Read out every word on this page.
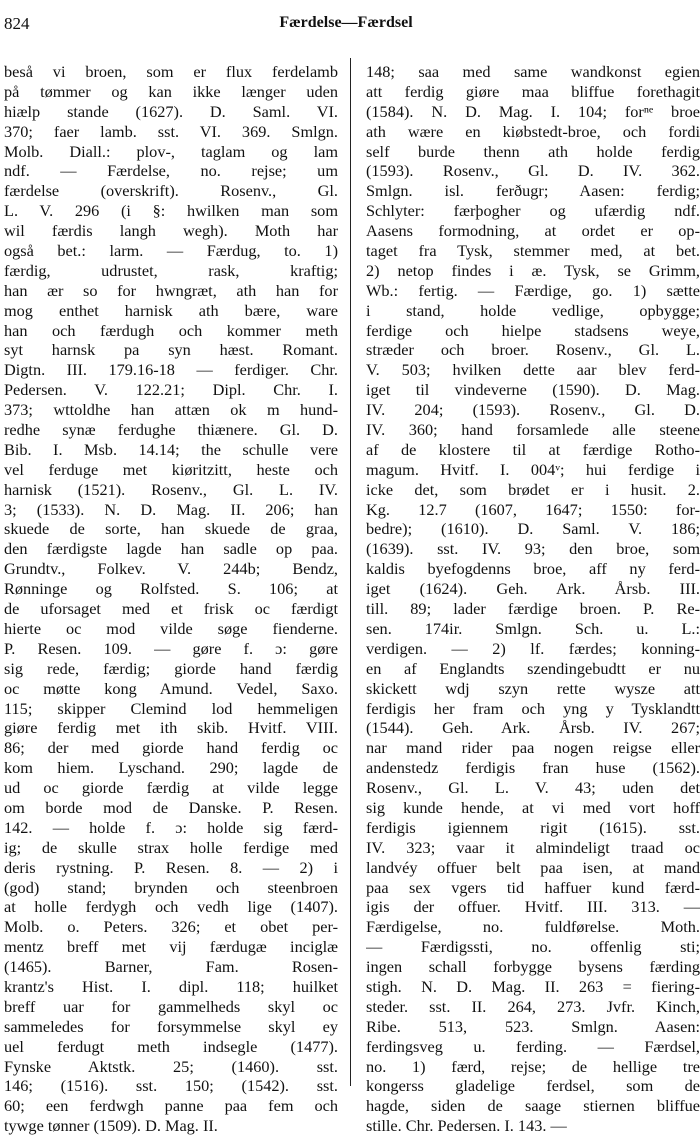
824	Færdelse—Færdsel
beså vi broen, som er flux ferdelamb
på tømmer og kan ikke længer uden
hiælp stande (1627). D. Saml. VI.
370; faer lamb. sst. VI. 369. Smlgn.
Molb. Diall.: plov-, taglam og lam
ndf. — Færdelse, no. rejse; um
færdelse (overskrift). Rosenv., Gl.
L. V. 296 (i §: hwilken man som
wil færdis langh wegh). Moth har
også bet.: larm. — Færdug, to. 1)
færdig, udrustet, rask, kraftig;
han ær so for hwngræt, ath han for
mog enthet harnisk ath bære, ware
han och færdugh och kommer meth
syt harnsk pa syn hæst. Romant.
Digtn. III. 179.16-18 — ferdiger. Chr.
Pedersen. V. 122.21; Dipl. Chr. I.
373; wttoldhe han attæn ok m hund-
redhe synæ ferdughe thiænere. Gl. D.
Bib. I. Msb. 14.14; the schulle vere
vel ferduge met kiøritzitt, heste och
harnisk (1521). Rosenv., Gl. L. IV.
3; (1533). N. D. Mag. II. 206; han
skuede de sorte, han skuede de graa,
den færdigste lagde han sadle op paa.
Grundtv., Folkev. V. 244b; Bendz,
Rønninge og Rolfsted. S. 106; at
de uforsaget med et frisk oc færdigt
hierte oc mod vilde søge fienderne.
P. Resen. 109. — gøre f. ɔ: gøre
sig rede, færdig; giorde hand færdig
oc møtte kong Amund. Vedel, Saxo.
115; skipper Clemind lod hemmeligen
giøre ferdig met ith skib. Hvitf. VIII.
86; der med giorde hand ferdig oc
kom hiem. Lyschand. 290; lagde de
ud oc giorde færdig at vilde legge
om borde mod de Danske. P. Resen.
142. — holde f. ɔ: holde sig færd-
ig; de skulle strax holle ferdige med
deris rystning. P. Resen. 8. — 2) i
(god) stand; brynden och steenbroen
at holle ferdygh och vedh lige (1407).
Molb. o. Peters. 326; et obet per-
mentz breff met vij færdugæ inciglæ
(1465). Barner, Fam. Rosen-
krantz's Hist. I. dipl. 118; huilket
breff uar for gammelheds skyl oc
sammeledes for forsymmelse skyl ey
uel ferdugt meth indsegle (1477).
Fynske Aktstk. 25; (1460). sst.
146; (1516). sst. 150; (1542). sst.
60; een ferdwgh panne paa fem och
tywge tønner (1509). D. Mag. II.
148; saa med same wandkonst egien
att ferdig giøre maa bliffue forethagit
(1584). N. D. Mag. I. 104; forⁿᵉ broe
ath wære en kiøbstedt-broe, och fordi
self burde thenn ath holde ferdig
(1593). Rosenv., Gl. D. IV. 362.
Smlgn. isl. ferðugr; Aasen: ferdig;
Schlyter: færþogher og ufærdig ndf.
Aasens formodning, at ordet er op-
taget fra Tysk, stemmer med, at bet.
2) netop findes i æ. Tysk, se Grimm,
Wb.: fertig. — Færdige, go. 1) sætte
i stand, holde vedlige, opbygge;
ferdige och hielpe stadsens weye,
stræder och broer. Rosenv., Gl. L.
V. 503; hvilken dette aar blev ferd-
iget til vindeverne (1590). D. Mag.
IV. 204; (1593). Rosenv., Gl. D.
IV. 360; hand forsamlede alle steene
af de klostere til at færdige Rotho-
magum. Hvitf. I. 004ᵛ; hui ferdige i
icke det, som brødet er i husit. 2.
Kg. 12.7 (1607, 1647; 1550: for-
bedre); (1610). D. Saml. V. 186;
(1639). sst. IV. 93; den broe, som
kaldis byefogdenns broe, aff ny ferd-
iget (1624). Geh. Ark. Årsb. III.
till. 89; lader færdige broen. P. Re-
sen. 174ir. Smlgn. Sch. u. L.:
verdigen. — 2) lf. færdes; konning-
en af Englandts szendingebudtt er nu
skickett wdj szyn rette wysze att
ferdigis her fram och yng y Tysklandtt
(1544). Geh. Ark. Årsb. IV. 267;
nar mand rider paa nogen reigse eller
andenstedz ferdigis fran huse (1562).
Rosenv., Gl. L. V. 43; uden det
sig kunde hende, at vi med vort hoff
ferdigis igiennem rigit (1615). sst.
IV. 323; vaar it almindeligt traad oc
landvéy offuer belt paa isen, at mand
paa sex vgers tid haffuer kund færd-
igis der offuer. Hvitf. III. 313. —
Færdigelse, no. fuldførelse. Moth.
— Færdigssti, no. offenlig sti;
ingen schall forbygge bysens færding
stigh. N. D. Mag. II. 263 = fiering-
steder. sst. II. 264, 273. Jvfr. Kinch,
Ribe. 513, 523. Smlgn. Aasen:
ferdingsveg u. ferding. — Færdsel,
no. 1) færd, rejse; de hellige tre
kongerss gladelige ferdsel, som de
hagde, siden de saage stiernen bliffue
stille. Chr. Pedersen. I. 143. —
